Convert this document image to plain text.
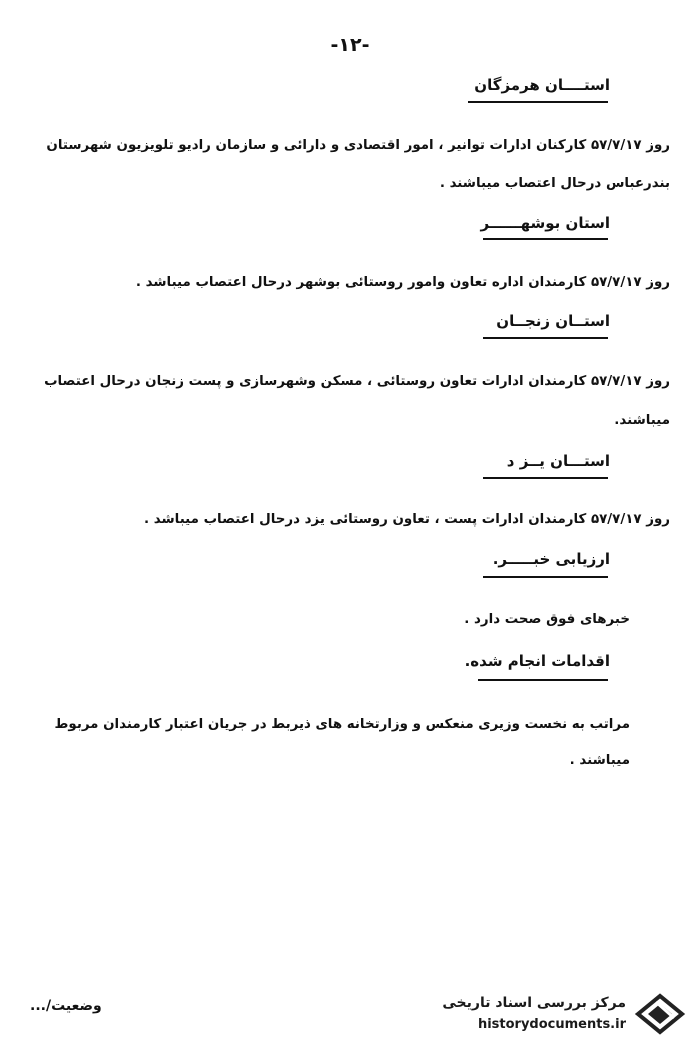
-۱۲-
استــــان هرمزگان
روز ۵۷/۷/۱۷ کارکنان ادارات توانیر ، امور اقتصادی و دارائی و سازمان رادیو تلویزیون شهرستان
بندرعباس درحال اعتصاب میباشند .
استان بوشهــــــر
روز ۵۷/۷/۱۷ کارمندان اداره تعاون وامور روستائی بوشهر درحال اعتصاب میباشد .
استــان زنجــان
روز ۵۷/۷/۱۷ کارمندان ادارات تعاون روستائی ، مسکن وشهرسازی و پست زنجان درحال اعتصاب
میباشند.
استـــان یــز د
روز ۵۷/۷/۱۷ کارمندان ادارات پست ، تعاون روستائی یزد درحال اعتصاب میباشد .
ارزیابی خبـــــر.
خبرهای فوق صحت دارد .
اقدامات انجام شده.
مراتب به نخست وزیری منعکس و وزارتخانه های ذیربط در جریان اعتبار کارمندان مربوط
میباشند .
وضعیت/...	مرکز بررسی اسناد تاریخی
historydocuments.ir
